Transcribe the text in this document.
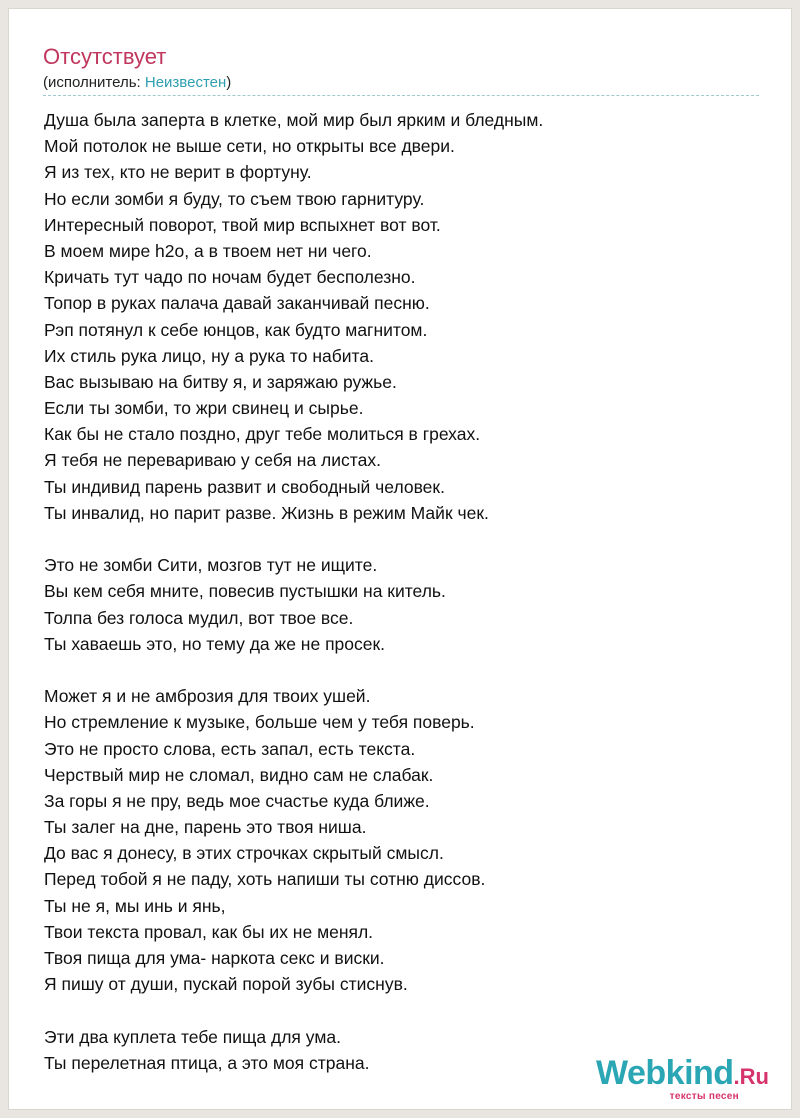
Отсутствует
(исполнитель: Неизвестен)
Душа была заперта в клетке, мой мир был ярким и бледным.
Мой потолок не выше сети, но открыты все двери.
Я из тех, кто не верит в фортуну.
Но если зомби я буду, то съем твою гарнитуру.
Интересный поворот, твой мир вспыхнет вот вот.
В моем мире h2o, а в твоем нет ни чего.
Кричать тут чадо по ночам будет бесполезно.
Топор в руках палача давай заканчивай песню.
Рэп потянул к себе юнцов, как будто магнитом.
Их стиль рука лицо, ну а рука то набита.
Вас вызываю на битву я, и заряжаю ружье.
Если ты зомби, то жри свинец и сырье.
Как бы не стало поздно, друг тебе молиться в грехах.
Я тебя не перевариваю у себя на листах.
Ты индивид парень развит и свободный человек.
Ты инвалид, но парит разве. Жизнь в режим Майк чек.
Это не зомби Сити, мозгов тут не ищите.
Вы кем себя мните, повесив пустышки на китель.
Толпа без голоса мудил, вот твое все.
Ты хаваешь это, но тему да же не просек.
Может я и не амброзия для твоих ушей.
Но стремление к музыке, больше чем у тебя поверь.
Это не просто слова, есть запал, есть текста.
Черствый мир не сломал, видно сам не слабак.
За горы я не пру, ведь мое счастье куда ближе.
Ты залег на дне, парень это твоя ниша.
До вас я донесу, в этих строчках скрытый смысл.
Перед тобой я не паду, хоть напиши ты сотню диссов.
Ты не я, мы инь и янь,
Твои текста провал, как бы их не менял.
Твоя пища для ума- наркота секс и виски.
Я пишу от души, пускай порой зубы стиснув.
Эти два куплета тебе пища для ума.
Ты перелетная птица, а это моя страна.	Webkind.Ru
тексты песен
